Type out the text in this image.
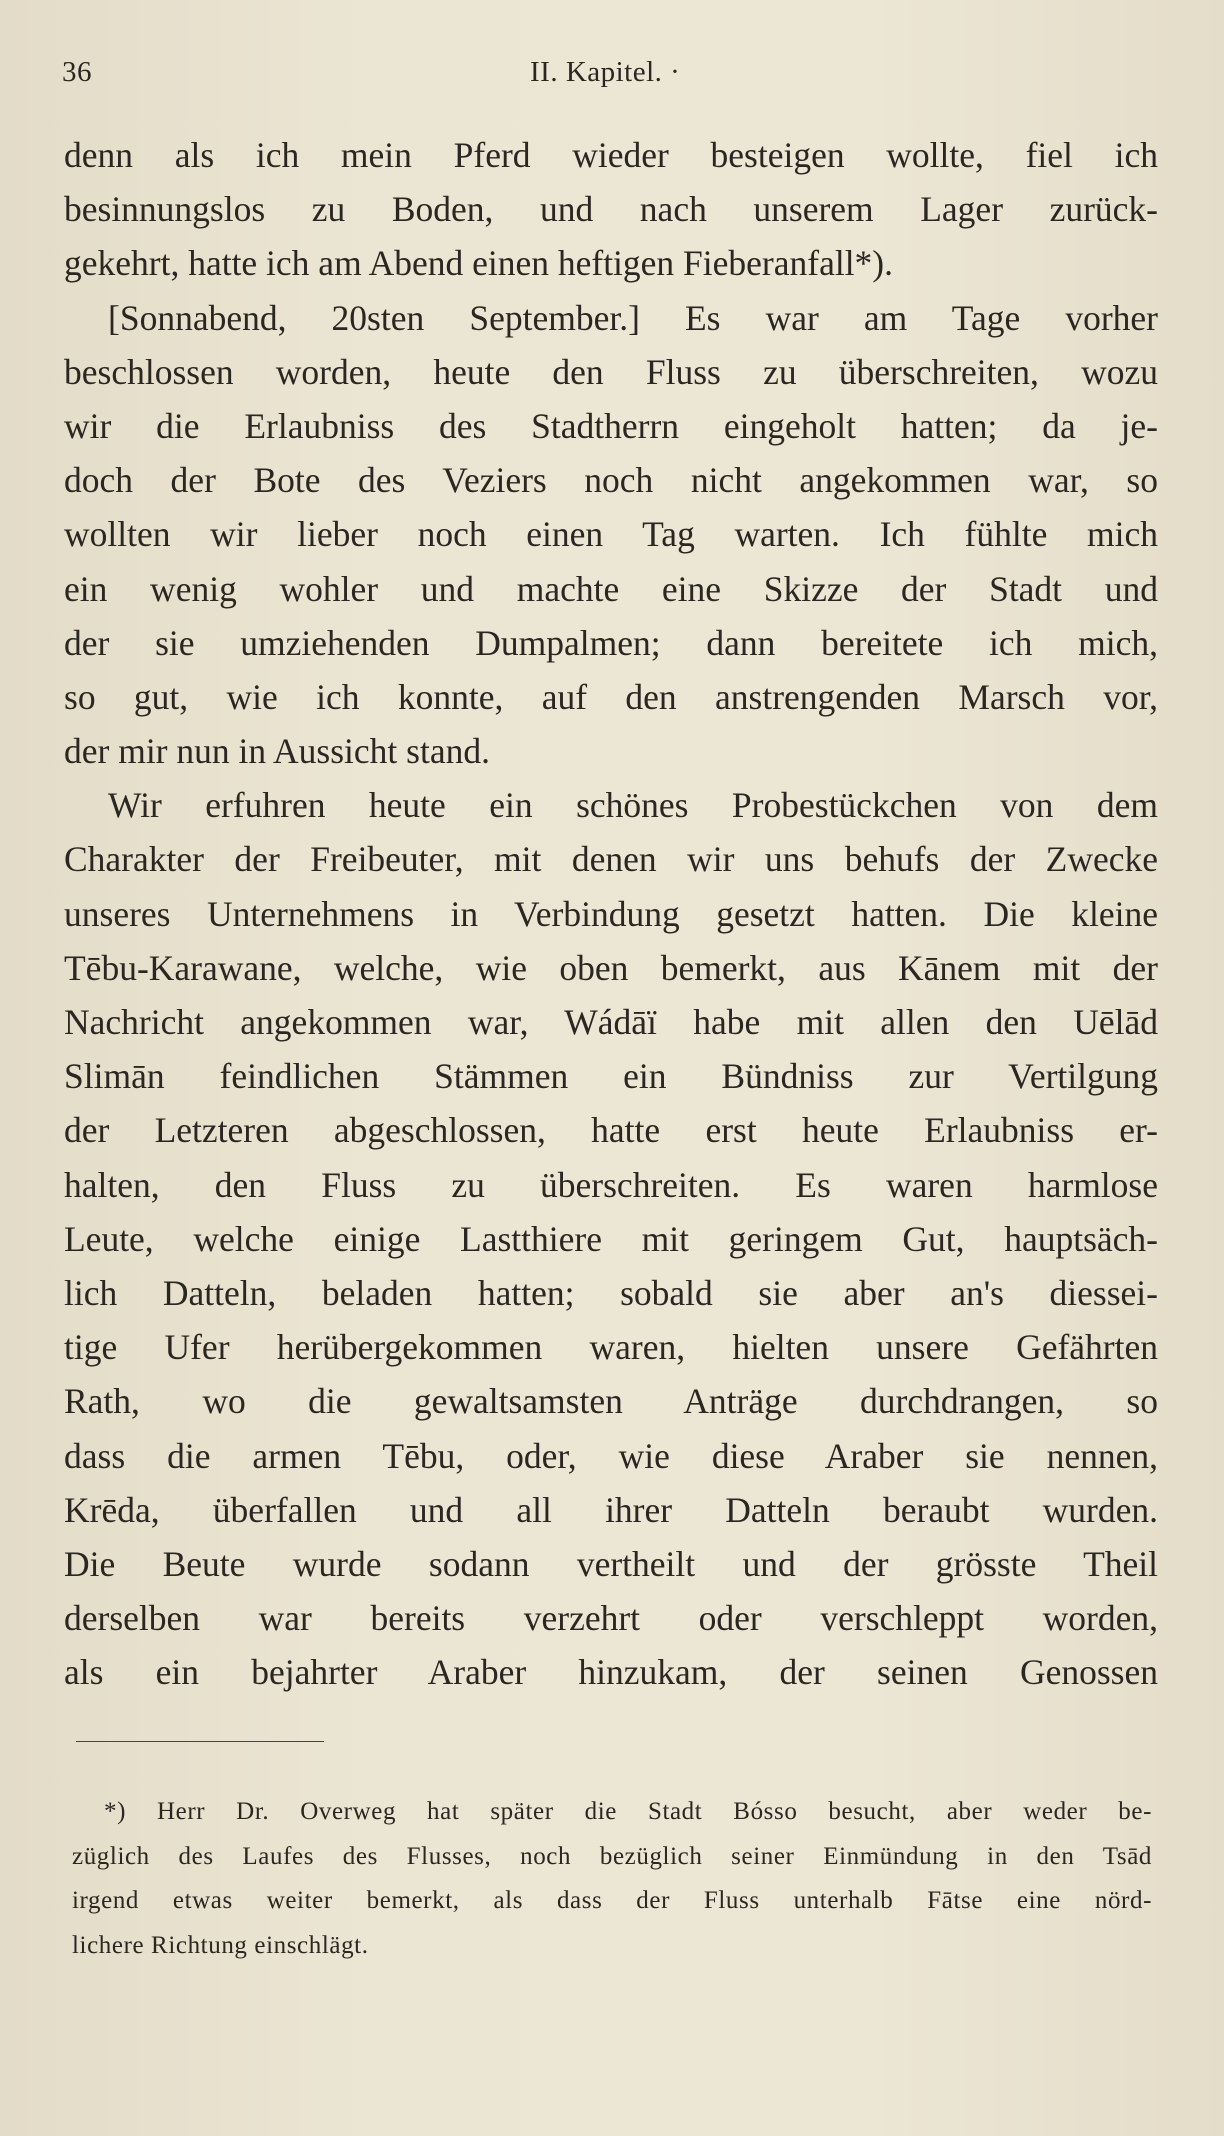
36	II. Kapitel. ·
denn als ich mein Pferd wieder besteigen wollte, fiel ich
besinnungslos zu Boden, und nach unserem Lager zurück-
gekehrt, hatte ich am Abend einen heftigen Fieberanfall*).
[Sonnabend, 20sten September.] Es war am Tage vorher
beschlossen worden, heute den Fluss zu überschreiten, wozu
wir die Erlaubniss des Stadtherrn eingeholt hatten; da je-
doch der Bote des Veziers noch nicht angekommen war, so
wollten wir lieber noch einen Tag warten. Ich fühlte mich
ein wenig wohler und machte eine Skizze der Stadt und
der sie umziehenden Dumpalmen; dann bereitete ich mich,
so gut, wie ich konnte, auf den anstrengenden Marsch vor,
der mir nun in Aussicht stand.
Wir erfuhren heute ein schönes Probestückchen von dem
Charakter der Freibeuter, mit denen wir uns behufs der Zwecke
unseres Unternehmens in Verbindung gesetzt hatten. Die kleine
Tēbu-Karawane, welche, wie oben bemerkt, aus Kānem mit der
Nachricht angekommen war, Wádāï habe mit allen den Uēlād
Slimān feindlichen Stämmen ein Bündniss zur Vertilgung
der Letzteren abgeschlossen, hatte erst heute Erlaubniss er-
halten, den Fluss zu überschreiten. Es waren harmlose
Leute, welche einige Lastthiere mit geringem Gut, hauptsäch-
lich Datteln, beladen hatten; sobald sie aber an's diessei-
tige Ufer herübergekommen waren, hielten unsere Gefährten
Rath, wo die gewaltsamsten Anträge durchdrangen, so
dass die armen Tēbu, oder, wie diese Araber sie nennen,
Krēda, überfallen und all ihrer Datteln beraubt wurden.
Die Beute wurde sodann vertheilt und der grösste Theil
derselben war bereits verzehrt oder verschleppt worden,
als ein bejahrter Araber hinzukam, der seinen Genossen
*) Herr Dr. Overweg hat später die Stadt Bósso besucht, aber weder be-
züglich des Laufes des Flusses, noch bezüglich seiner Einmündung in den Tsād
irgend etwas weiter bemerkt, als dass der Fluss unterhalb Fātse eine nörd-
lichere Richtung einschlägt.
